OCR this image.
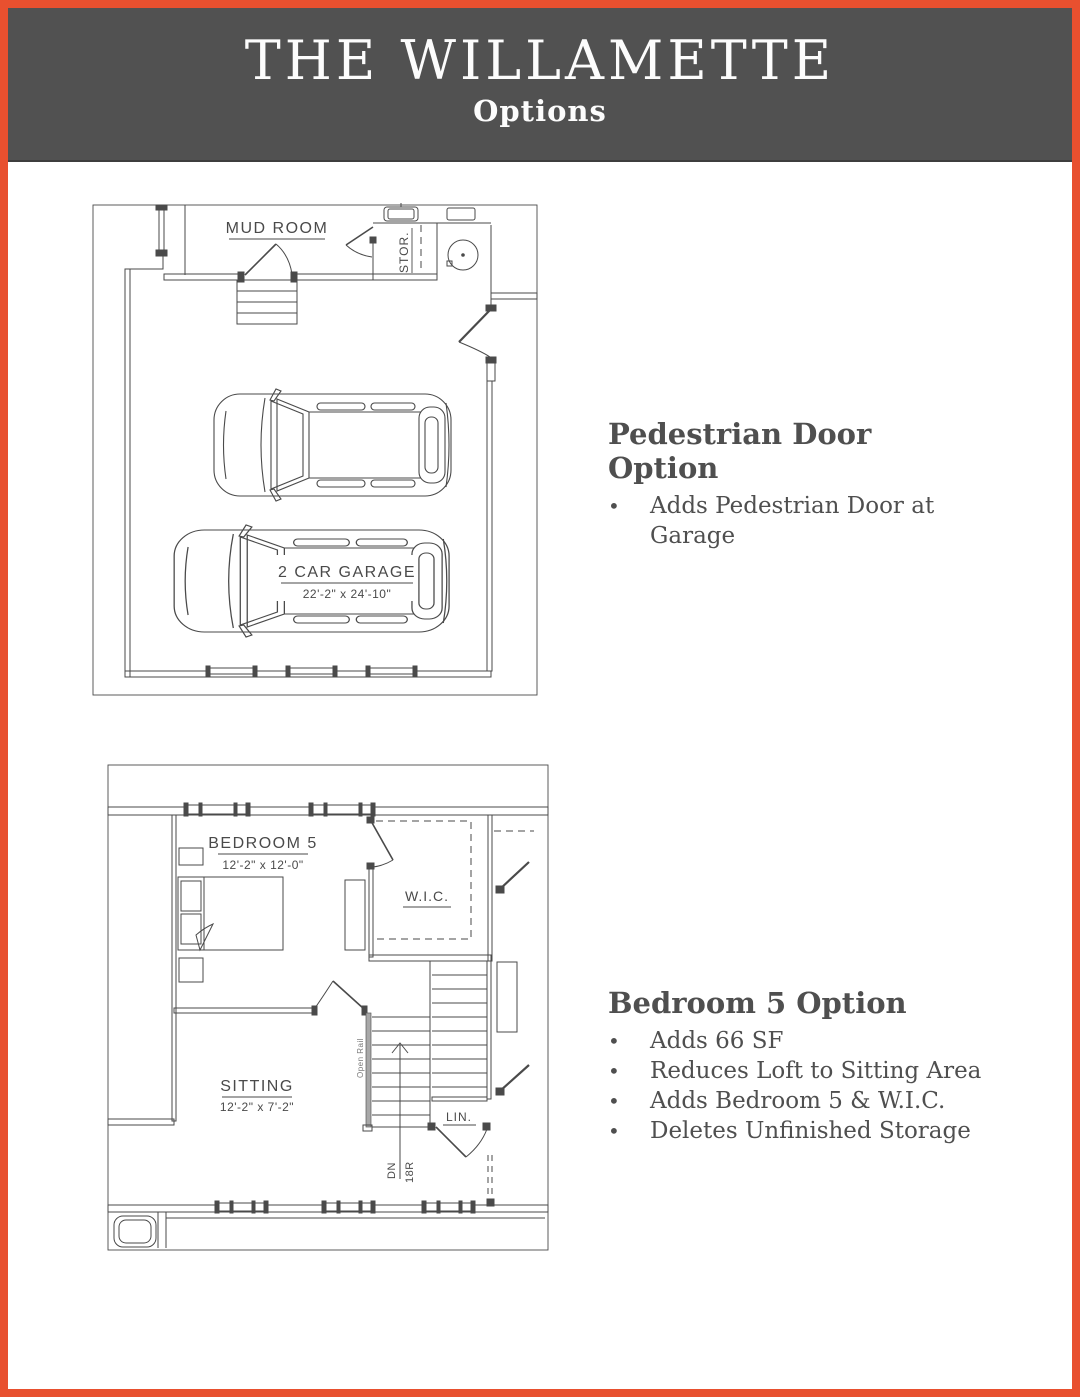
THE WILLAMETTE
Options
MUD ROOM
STOR.
2 CAR GARAGE
22'-2" x 24'-10"
BEDROOM 5
12'-2" x 12'-0"
W.I.C.
SITTING
12'-2" x 7'-2"
Open Rail
DN 18R
LIN.
Pedestrian Door Option
•	Adds Pedestrian Door at Garage
Bedroom 5 Option
•	Adds 66 SF
•	Reduces Loft to Sitting Area
•	Adds Bedroom 5 & W.I.C.
•	Deletes Unfinished Storage
